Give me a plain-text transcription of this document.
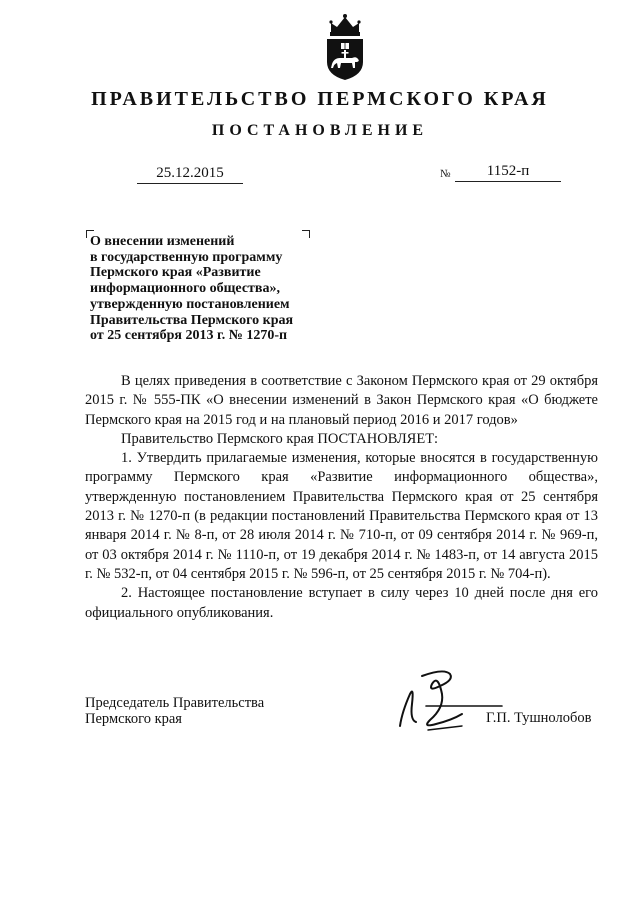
ПРАВИТЕЛЬСТВО ПЕРМСКОГО КРАЯ
ПОСТАНОВЛЕНИЕ
25.12.2015	№	1152-п
О внесении изменений
в государственную программу
Пермского края «Развитие
информационного общества»,
утвержденную постановлением
Правительства Пермского края
от 25 сентября 2013 г. № 1270-п

В целях приведения в соответствие с Законом Пермского края от 29 октября 2015 г. № 555-ПК «О внесении изменений в Закон Пермского края «О бюджете Пермского края на 2015 год и на плановый период 2016 и 2017 годов»

Правительство Пермского края ПОСТАНОВЛЯЕТ:

1. Утвердить прилагаемые изменения, которые вносятся в государственную программу Пермского края «Развитие информационного общества», утвержденную постановлением Правительства Пермского края от 25 сентября 2013 г. № 1270-п (в редакции постановлений Правительства Пермского края от 13 января 2014 г. № 8-п, от 28 июля 2014 г. № 710-п, от 09 сентября 2014 г. № 969-п, от 03 октября 2014 г. № 1110-п, от 19 декабря 2014 г. № 1483-п, от 14 августа 2015 г. № 532-п, от 04 сентября 2015 г. № 596-п, от 25 сентября 2015 г. № 704-п).

2. Настоящее постановление вступает в силу через 10 дней после дня его официального опубликования.

Председатель Правительства
Пермского края	Г.П. Тушнолобов
